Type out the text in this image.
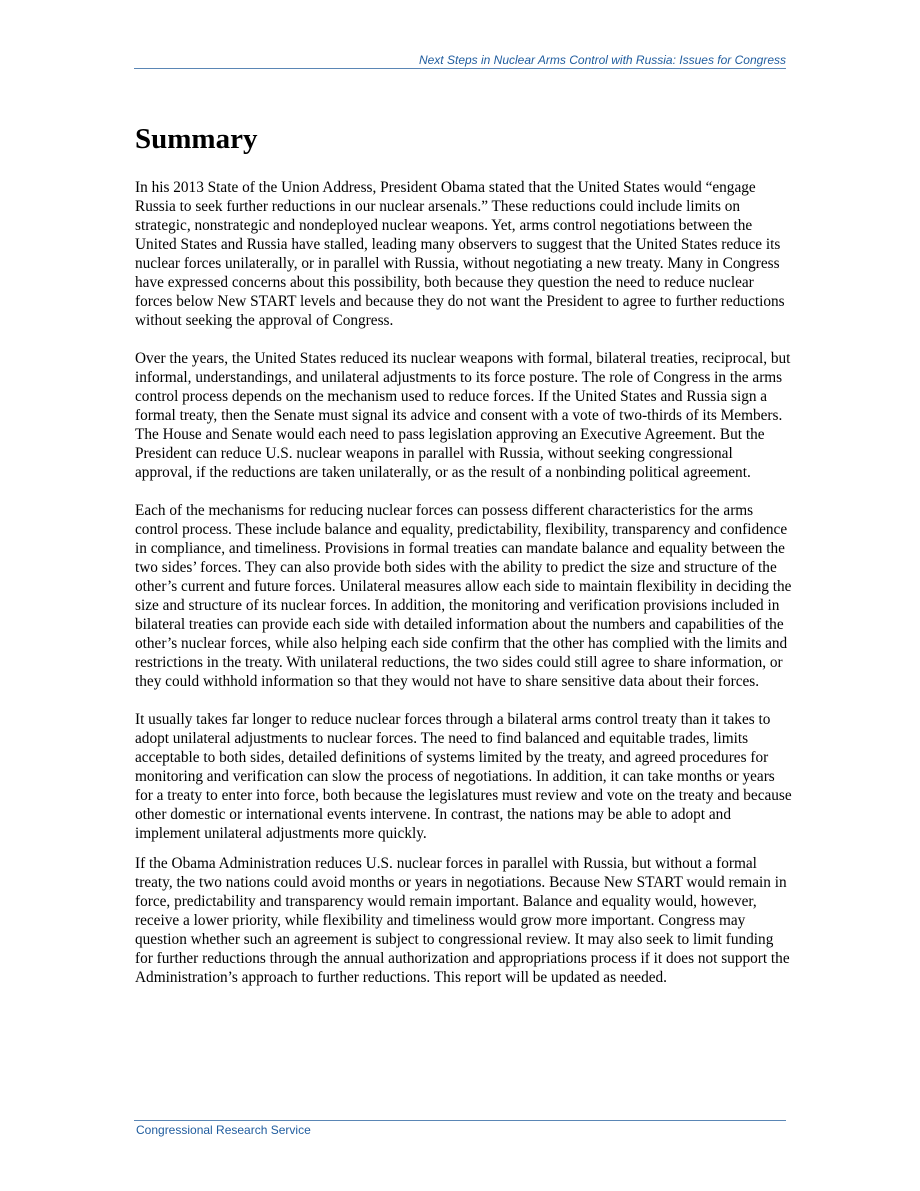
Next Steps in Nuclear Arms Control with Russia: Issues for Congress
Summary

In his 2013 State of the Union Address, President Obama stated that the United States would “engage Russia to seek further reductions in our nuclear arsenals.” These reductions could include limits on strategic, nonstrategic and nondeployed nuclear weapons. Yet, arms control negotiations between the United States and Russia have stalled, leading many observers to suggest that the United States reduce its nuclear forces unilaterally, or in parallel with Russia, without negotiating a new treaty. Many in Congress have expressed concerns about this possibility, both because they question the need to reduce nuclear forces below New START levels and because they do not want the President to agree to further reductions without seeking the approval of Congress.

Over the years, the United States reduced its nuclear weapons with formal, bilateral treaties, reciprocal, but informal, understandings, and unilateral adjustments to its force posture. The role of Congress in the arms control process depends on the mechanism used to reduce forces. If the United States and Russia sign a formal treaty, then the Senate must signal its advice and consent with a vote of two-thirds of its Members. The House and Senate would each need to pass legislation approving an Executive Agreement. But the President can reduce U.S. nuclear weapons in parallel with Russia, without seeking congressional approval, if the reductions are taken unilaterally, or as the result of a nonbinding political agreement.

Each of the mechanisms for reducing nuclear forces can possess different characteristics for the arms control process. These include balance and equality, predictability, flexibility, transparency and confidence in compliance, and timeliness. Provisions in formal treaties can mandate balance and equality between the two sides’ forces. They can also provide both sides with the ability to predict the size and structure of the other’s current and future forces. Unilateral measures allow each side to maintain flexibility in deciding the size and structure of its nuclear forces. In addition, the monitoring and verification provisions included in bilateral treaties can provide each side with detailed information about the numbers and capabilities of the other’s nuclear forces, while also helping each side confirm that the other has complied with the limits and restrictions in the treaty. With unilateral reductions, the two sides could still agree to share information, or they could withhold information so that they would not have to share sensitive data about their forces.

It usually takes far longer to reduce nuclear forces through a bilateral arms control treaty than it takes to adopt unilateral adjustments to nuclear forces. The need to find balanced and equitable trades, limits acceptable to both sides, detailed definitions of systems limited by the treaty, and agreed procedures for monitoring and verification can slow the process of negotiations. In addition, it can take months or years for a treaty to enter into force, both because the legislatures must review and vote on the treaty and because other domestic or international events intervene. In contrast, the nations may be able to adopt and implement unilateral adjustments more quickly.

If the Obama Administration reduces U.S. nuclear forces in parallel with Russia, but without a formal treaty, the two nations could avoid months or years in negotiations. Because New START would remain in force, predictability and transparency would remain important. Balance and equality would, however, receive a lower priority, while flexibility and timeliness would grow more important. Congress may question whether such an agreement is subject to congressional review. It may also seek to limit funding for further reductions through the annual authorization and appropriations process if it does not support the Administration’s approach to further reductions. This report will be updated as needed.

Congressional Research Service
